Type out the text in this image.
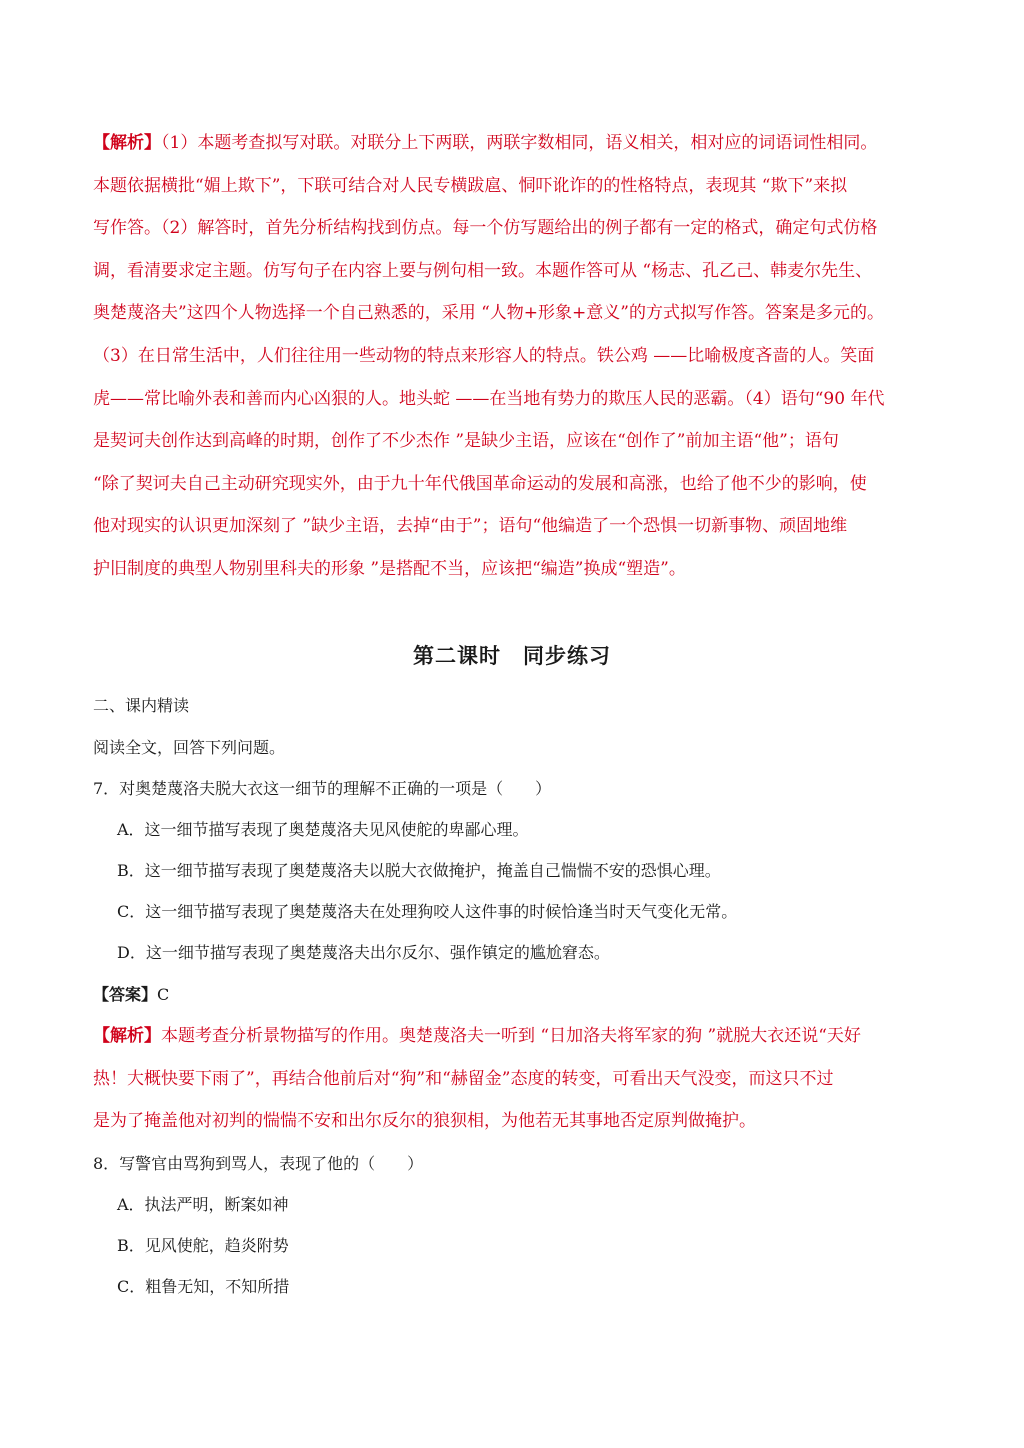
【解析】（1）本题考查拟写对联。对联分上下两联，两联字数相同，语义相关，相对应的词语词性相同。
本题依据横批“媚上欺下”，下联可结合对人民专横跋扈、恫吓讹诈的的性格特点，表现其 “欺下”来拟
写作答。（2）解答时，首先分析结构找到仿点。每一个仿写题给出的例子都有一定的格式，确定句式仿格
调，看清要求定主题。仿写句子在内容上要与例句相一致。本题作答可从 “杨志、孔乙己、韩麦尔先生、
奥楚蔑洛夫”这四个人物选择一个自己熟悉的，采用 “人物+形象+意义”的方式拟写作答。答案是多元的。
（3）在日常生活中，人们往往用一些动物的特点来形容人的特点。铁公鸡 ——比喻极度吝啬的人。笑面
虎——常比喻外表和善而内心凶狠的人。地头蛇 ——在当地有势力的欺压人民的恶霸。（4）语句“90 年代
是契诃夫创作达到高峰的时期，创作了不少杰作 ”是缺少主语，应该在“创作了”前加主语“他”；语句
“除了契诃夫自己主动研究现实外，由于九十年代俄国革命运动的发展和高涨，也给了他不少的影响，使
他对现实的认识更加深刻了 ”缺少主语，去掉“由于”；语句“他编造了一个恐惧一切新事物、顽固地维
护旧制度的典型人物别里科夫的形象 ”是搭配不当，应该把“编造”换成“塑造”。
第二课时　同步练习
二、课内精读
阅读全文，回答下列问题。
7．对奥楚蔑洛夫脱大衣这一细节的理解不正确的一项是（　　）
A．这一细节描写表现了奥楚蔑洛夫见风使舵的卑鄙心理。
B．这一细节描写表现了奥楚蔑洛夫以脱大衣做掩护，掩盖自己惴惴不安的恐惧心理。
C．这一细节描写表现了奥楚蔑洛夫在处理狗咬人这件事的时候恰逢当时天气变化无常。
D．这一细节描写表现了奥楚蔑洛夫出尔反尔、强作镇定的尴尬窘态。
【答案】C
【解析】本题考查分析景物描写的作用。奥楚蔑洛夫一听到 “日加洛夫将军家的狗 ”就脱大衣还说“天好
热！大概快要下雨了”，再结合他前后对“狗”和“赫留金”态度的转变，可看出天气没变，而这只不过
是为了掩盖他对初判的惴惴不安和出尔反尔的狼狈相，为他若无其事地否定原判做掩护。
8．写警官由骂狗到骂人，表现了他的（　　）
A．执法严明，断案如神
B．见风使舵，趋炎附势
C．粗鲁无知，不知所措
